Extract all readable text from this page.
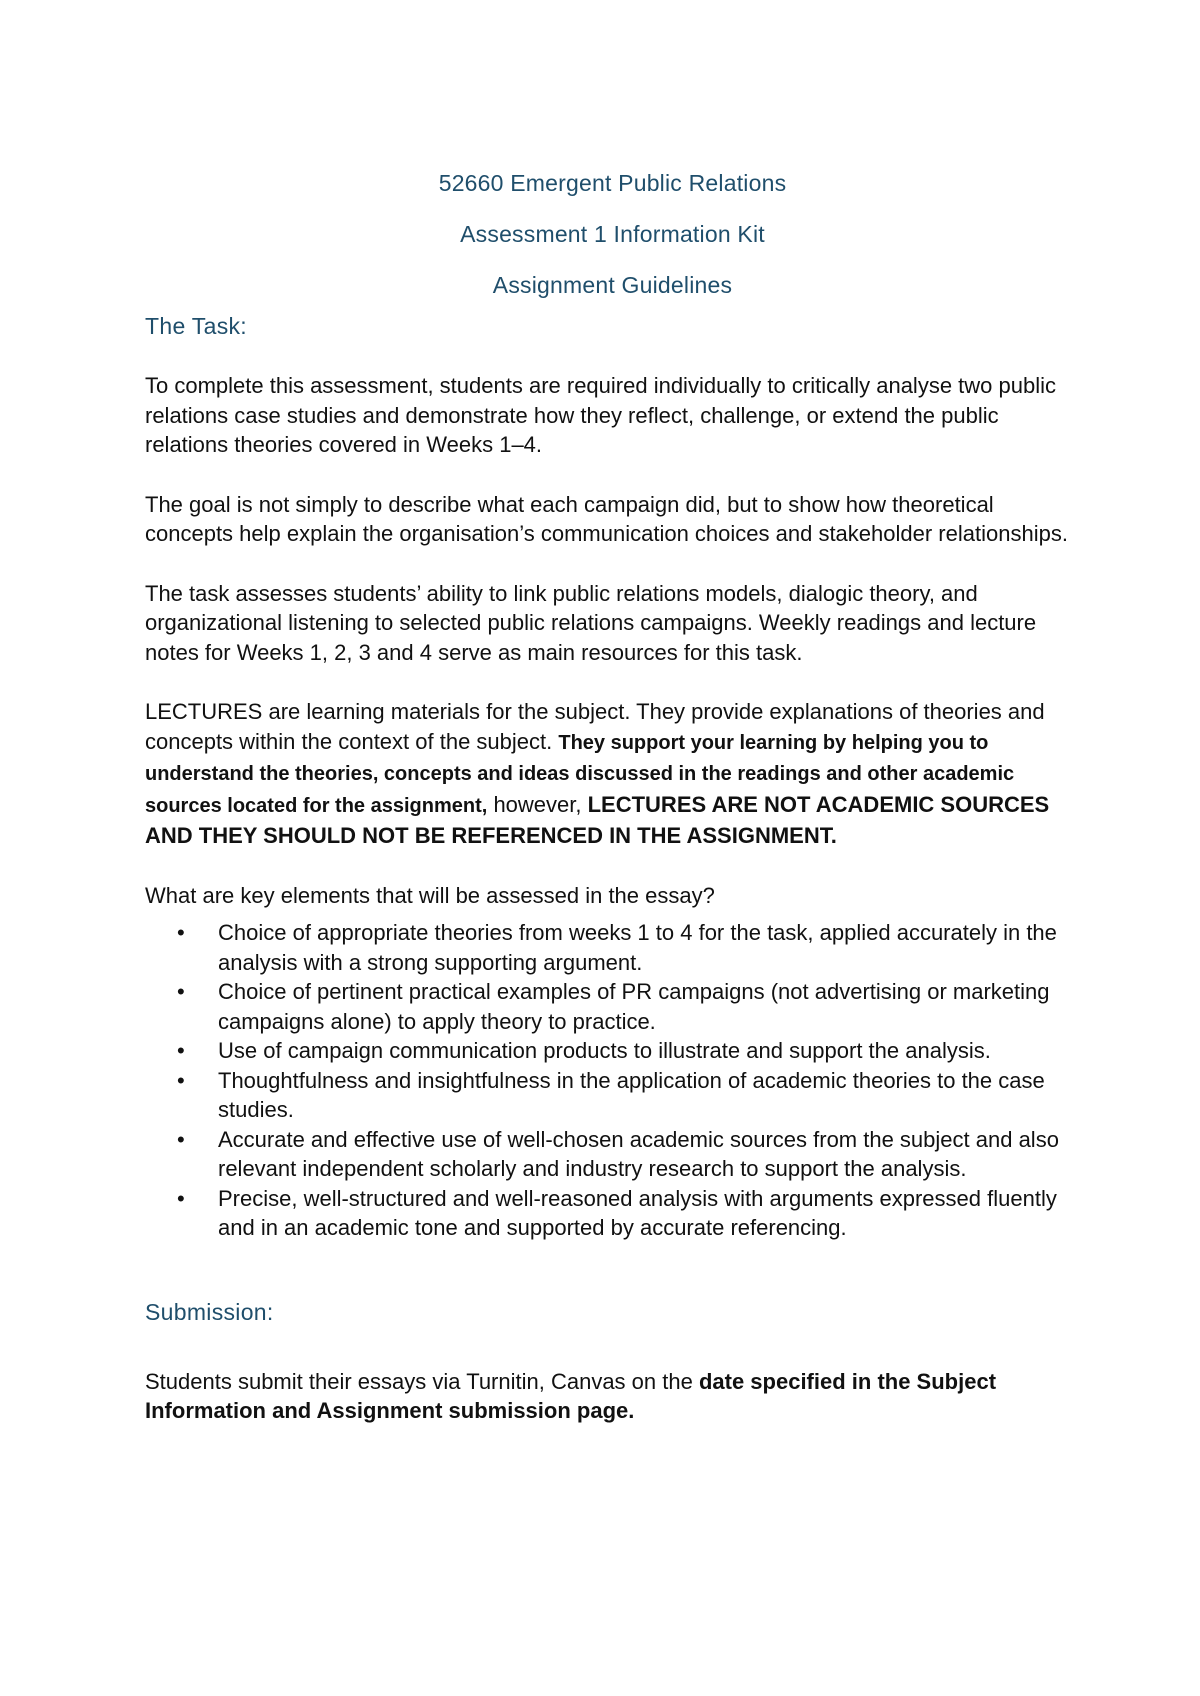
52660 Emergent Public Relations
Assessment 1 Information Kit
Assignment Guidelines
The Task:

To complete this assessment, students are required individually to critically analyse two public relations case studies and demonstrate how they reflect, challenge, or extend the public relations theories covered in Weeks 1–4.

The goal is not simply to describe what each campaign did, but to show how theoretical concepts help explain the organisation’s communication choices and stakeholder relationships.

The task assesses students’ ability to link public relations models, dialogic theory, and organizational listening to selected public relations campaigns. Weekly readings and lecture notes for Weeks 1, 2, 3 and 4 serve as main resources for this task.

LECTURES are learning materials for the subject. They provide explanations of theories and concepts within the context of the subject. They support your learning by helping you to understand the theories, concepts and ideas discussed in the readings and other academic sources located for the assignment, however, LECTURES ARE NOT ACADEMIC SOURCES AND THEY SHOULD NOT BE REFERENCED IN THE ASSIGNMENT.

What are key elements that will be assessed in the essay?

• Choice of appropriate theories from weeks 1 to 4 for the task, applied accurately in the analysis with a strong supporting argument.
• Choice of pertinent practical examples of PR campaigns (not advertising or marketing campaigns alone) to apply theory to practice.
• Use of campaign communication products to illustrate and support the analysis.
• Thoughtfulness and insightfulness in the application of academic theories to the case studies.
• Accurate and effective use of well-chosen academic sources from the subject and also relevant independent scholarly and industry research to support the analysis.
• Precise, well-structured and well-reasoned analysis with arguments expressed fluently and in an academic tone and supported by accurate referencing.
Submission:

Students submit their essays via Turnitin, Canvas on the date specified in the Subject Information and Assignment submission page.
